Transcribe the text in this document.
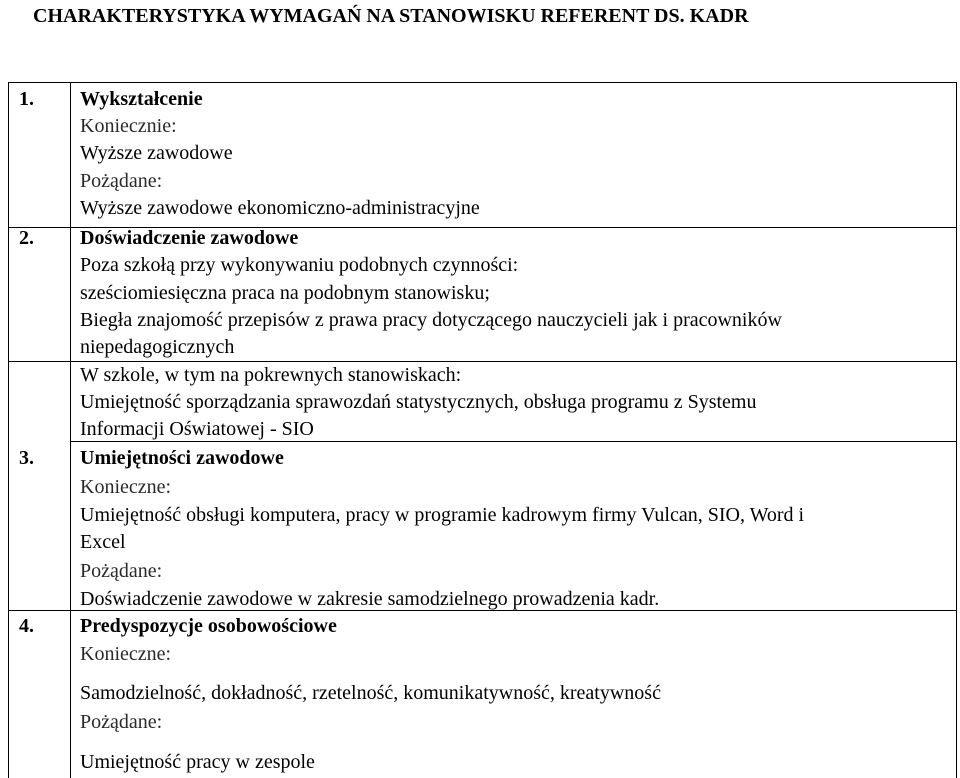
CHARAKTERYSTYKA WYMAGAŃ NA STANOWISKU REFERENT DS. KADR
1. Wykształcenie
Koniecznie:
Wyższe zawodowe
Pożądane:
Wyższe zawodowe ekonomiczno-administracyjne
2. Doświadczenie zawodowe
Poza szkołą przy wykonywaniu podobnych czynności:
sześciomiesięczna praca na podobnym stanowisku;
Biegła znajomość przepisów z prawa pracy dotyczącego nauczycieli jak i pracowników
niepedagogicznych
W szkole, w tym na pokrewnych stanowiskach:
Umiejętność sporządzania sprawozdań statystycznych, obsługa programu z Systemu
Informacji Oświatowej - SIO
3. Umiejętności zawodowe
Konieczne:
Umiejętność obsługi komputera, pracy w programie kadrowym firmy Vulcan, SIO, Word i
Excel
Pożądane:
Doświadczenie zawodowe w zakresie samodzielnego prowadzenia kadr.
4. Predyspozycje osobowościowe
Konieczne:
Samodzielność, dokładność, rzetelność, komunikatywność, kreatywność
Pożądane:
Umiejętność pracy w zespole
